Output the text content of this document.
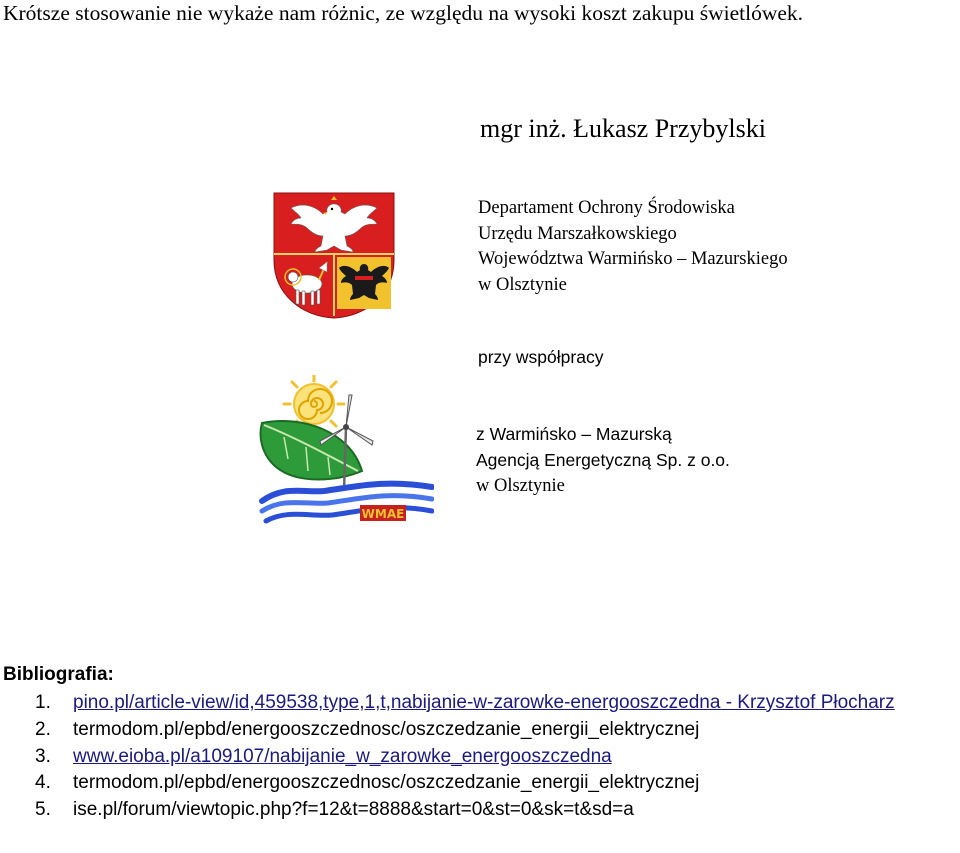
Krótsze stosowanie nie wykaże nam różnic, ze względu na wysoki koszt zakupu świetlówek.

mgr inż. Łukasz Przybylski

Departament Ochrony Środowiska
Urzędu Marszałkowskiego
Województwa Warmińsko – Mazurskiego
w Olsztynie
przy współpracy
WMAE
z Warmińsko – Mazurską
Agencją Energetyczną Sp. z o.o.
w Olsztynie
Bibliografia:
1. pino.pl/article-view/id,459538,type,1,t,nabijanie-w-zarowke-energooszczedna - Krzysztof Płocharz
2. termodom.pl/epbd/energooszczednosc/oszczedzanie_energii_elektrycznej
3. www.eioba.pl/a109107/nabijanie_w_zarowke_energooszczedna
4. termodom.pl/epbd/energooszczednosc/oszczedzanie_energii_elektrycznej
5. ise.pl/forum/viewtopic.php?f=12&t=8888&start=0&st=0&sk=t&sd=a
